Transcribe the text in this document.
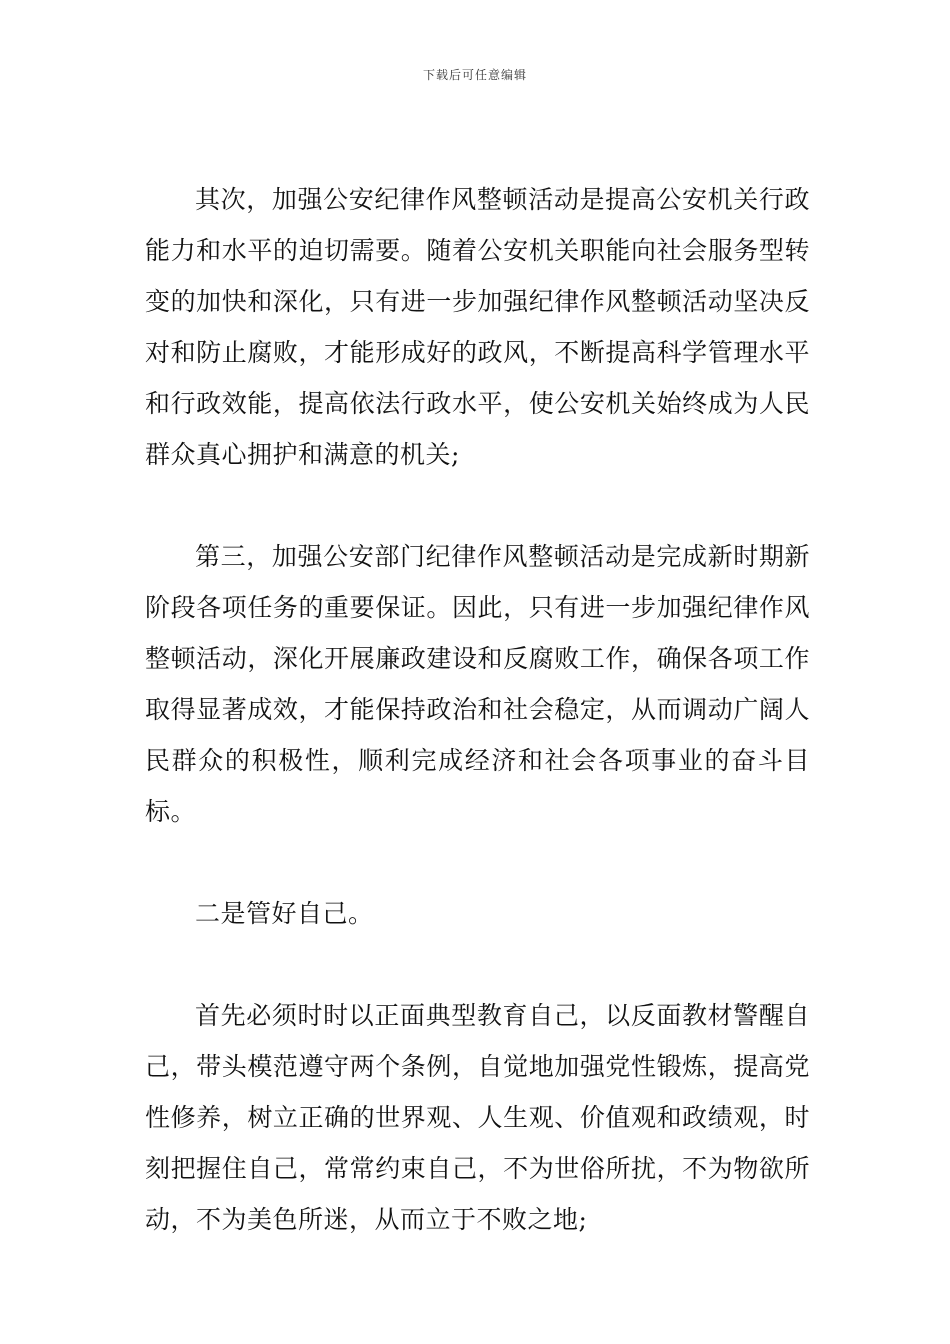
下载后可任意编辑

其次，加强公安纪律作风整顿活动是提高公安机关行政能力和水平的迫切需要。随着公安机关职能向社会服务型转变的加快和深化，只有进一步加强纪律作风整顿活动坚决反对和防止腐败，才能形成好的政风，不断提高科学管理水平和行政效能，提高依法行政水平，使公安机关始终成为人民群众真心拥护和满意的机关;

第三，加强公安部门纪律作风整顿活动是完成新时期新阶段各项任务的重要保证。因此，只有进一步加强纪律作风整顿活动，深化开展廉政建设和反腐败工作，确保各项工作取得显著成效，才能保持政治和社会稳定，从而调动广阔人民群众的积极性，顺利完成经济和社会各项事业的奋斗目标。

二是管好自己。

首先必须时时以正面典型教育自己，以反面教材警醒自己，带头模范遵守两个条例，自觉地加强党性锻炼，提高党性修养，树立正确的世界观、人生观、价值观和政绩观，时刻把握住自己，常常约束自己，不为世俗所扰，不为物欲所动，不为美色所迷，从而立于不败之地;
